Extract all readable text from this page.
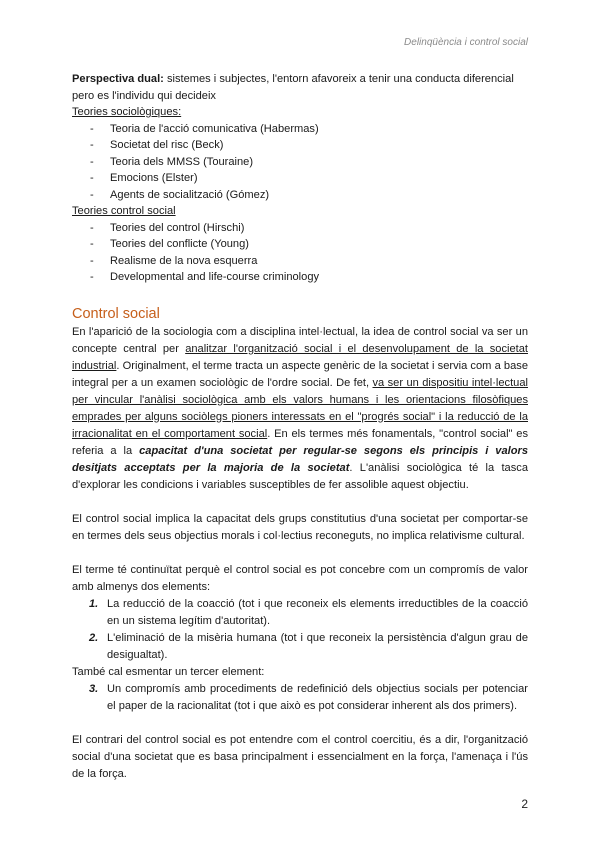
Delinqüència i control social

Perspectiva dual: sistemes i subjectes, l'entorn afavoreix a tenir una conducta diferencial pero es l'individu qui decideix

Teories sociològiques:
- Teoria de l'acció comunicativa (Habermas)
- Societat del risc (Beck)
- Teoria dels MMSS (Touraine)
- Emocions (Elster)
- Agents de socialització (Gómez)
Teories control social
- Teories del control (Hirschi)
- Teories del conflicte (Young)
- Realisme de la nova esquerra
- Developmental and life-course criminology
Control social

En l'aparició de la sociologia com a disciplina intel·lectual, la idea de control social va ser un concepte central per analitzar l'organització social i el desenvolupament de la societat industrial. Originalment, el terme tracta un aspecte genèric de la societat i servia com a base integral per a un examen sociològic de l'ordre social. De fet, va ser un dispositiu intel·lectual per vincular l'anàlisi sociològica amb els valors humans i les orientacions filosòfiques emprades per alguns sociòlegs pioners interessats en el "progrés social" i la reducció de la irracionalitat en el comportament social. En els termes més fonamentals, "control social" es referia a la capacitat d'una societat per regular-se segons els principis i valors desitjats acceptats per la majoria de la societat. L'anàlisi sociològica té la tasca d'explorar les condicions i variables susceptibles de fer assolible aquest objectiu.

El control social implica la capacitat dels grups constitutius d'una societat per comportar-se en termes dels seus objectius morals i col·lectius reconeguts, no implica relativisme cultural.

El terme té continuïtat perquè el control social es pot concebre com un compromís de valor amb almenys dos elements:

1. La reducció de la coacció (tot i que reconeix els elements irreductibles de la coacció en un sistema legítim d'autoritat).
2. L'eliminació de la misèria humana (tot i que reconeix la persistència d'algun grau de desigualtat).

També cal esmentar un tercer element:

3. Un compromís amb procediments de redefinició dels objectius socials per potenciar el paper de la racionalitat (tot i que això es pot considerar inherent als dos primers).

El contrari del control social es pot entendre com el control coercitiu, és a dir, l'organització social d'una societat que es basa principalment i essencialment en la força, l'amenaça i l'ús de la força.

2
